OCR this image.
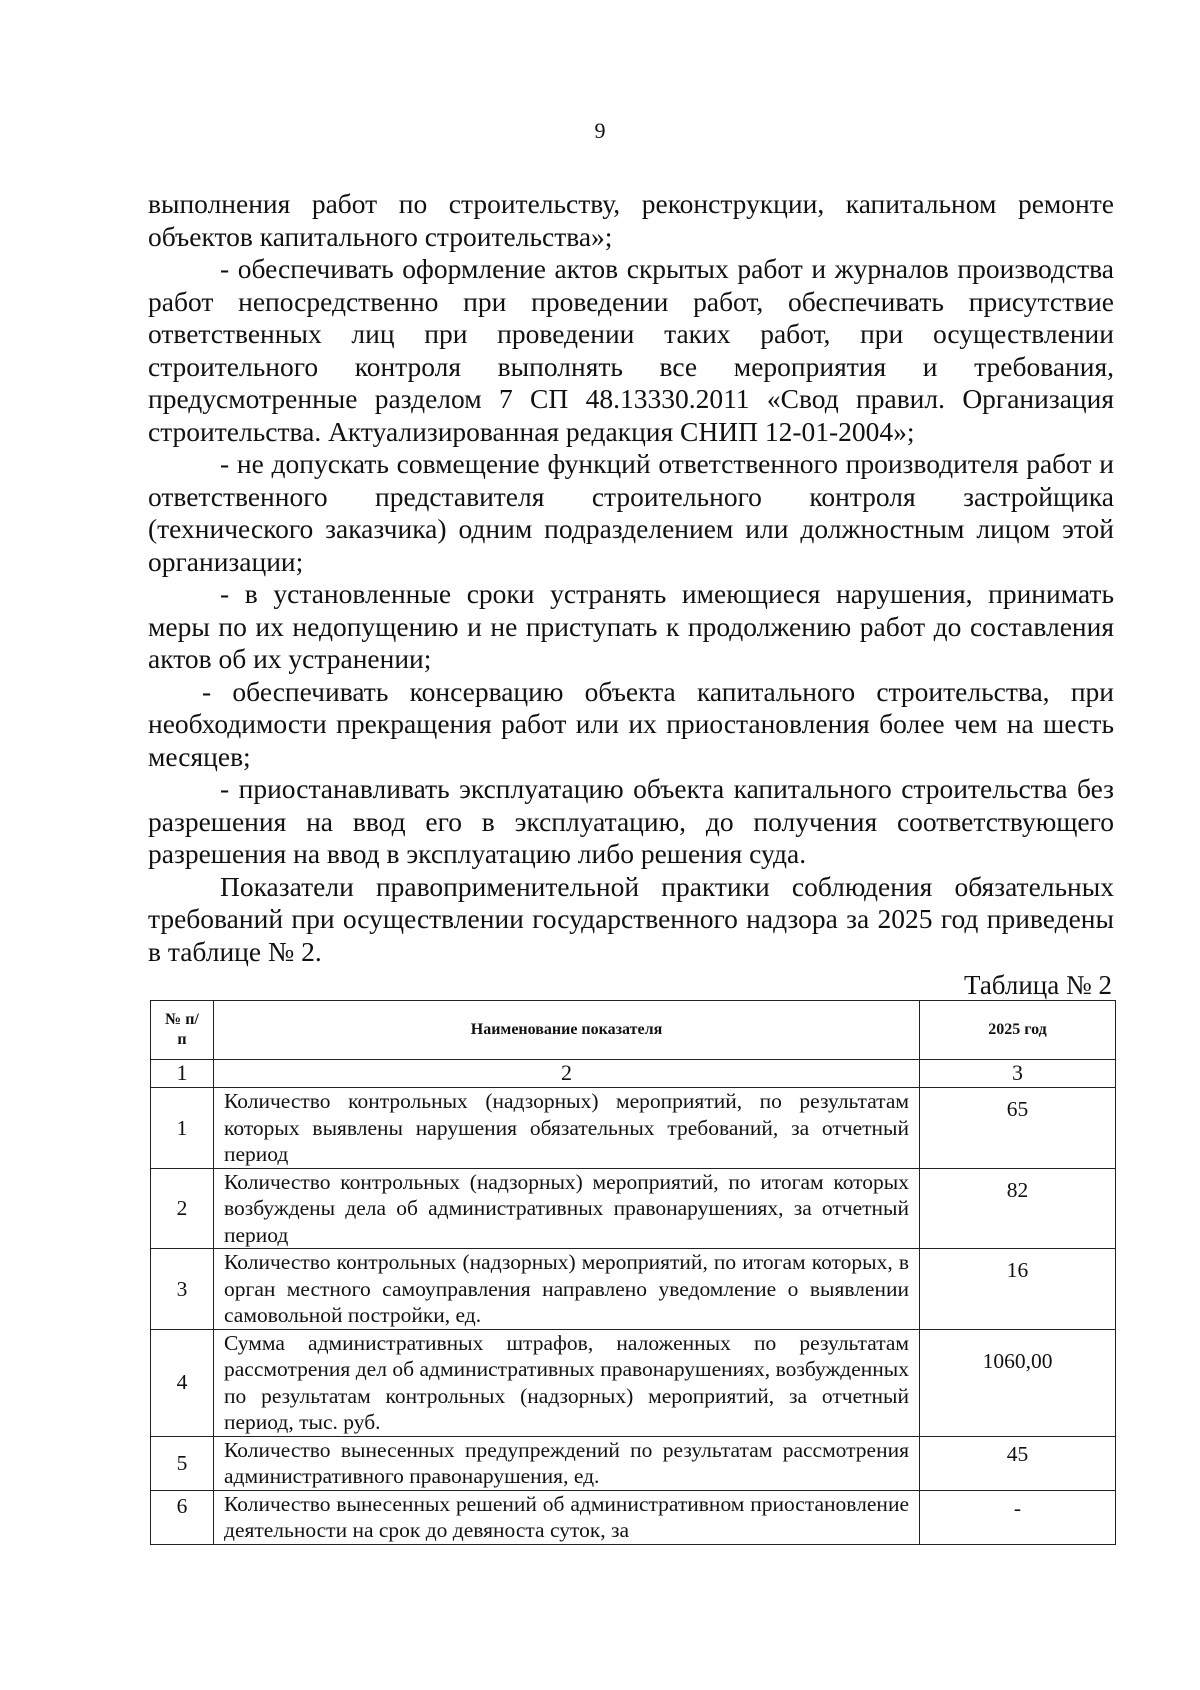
9

выполнения работ по строительству, реконструкции, капитальном ремонте объектов капитального строительства»;

- обеспечивать оформление актов скрытых работ и журналов производства работ непосредственно при проведении работ, обеспечивать присутствие ответственных лиц при проведении таких работ, при осуществлении строительного контроля выполнять все мероприятия и требования, предусмотренные разделом 7 СП 48.13330.2011 «Свод правил. Организация строительства. Актуализированная редакция СНИП 12-01-2004»;

- не допускать совмещение функций ответственного производителя работ и ответственного представителя строительного контроля застройщика (технического заказчика) одним подразделением или должностным лицом этой организации;

- в установленные сроки устранять имеющиеся нарушения, принимать меры по их недопущению и не приступать к продолжению работ до составления актов об их устранении;

- обеспечивать консервацию объекта капитального строительства, при необходимости прекращения работ или их приостановления более чем на шесть месяцев;

- приостанавливать эксплуатацию объекта капитального строительства без разрешения на ввод его в эксплуатацию, до получения соответствующего разрешения на ввод в эксплуатацию либо решения суда.

Показатели правоприменительной практики соблюдения обязательных требований при осуществлении государственного надзора за 2025 год приведены в таблице № 2.

Таблица № 2
№ п/п	Наименование показателя	2025 год
1	2	3
1	Количество контрольных (надзорных) мероприятий, по результатам которых выявлены нарушения обязательных требований, за отчетный период	65
2	Количество контрольных (надзорных) мероприятий, по итогам которых возбуждены дела об административных правонарушениях, за отчетный период	82
3	Количество контрольных (надзорных) мероприятий, по итогам которых, в орган местного самоуправления направлено уведомление о выявлении самовольной постройки, ед.	16
4	Сумма административных штрафов, наложенных по результатам рассмотрения дел об административных правонарушениях, возбужденных по результатам контрольных (надзорных) мероприятий, за отчетный период, тыс. руб.	1060,00
5	Количество вынесенных предупреждений по результатам рассмотрения административного правонарушения, ед.	45
6	Количество вынесенных решений об административном приостановление деятельности на срок до девяноста суток, за	-
